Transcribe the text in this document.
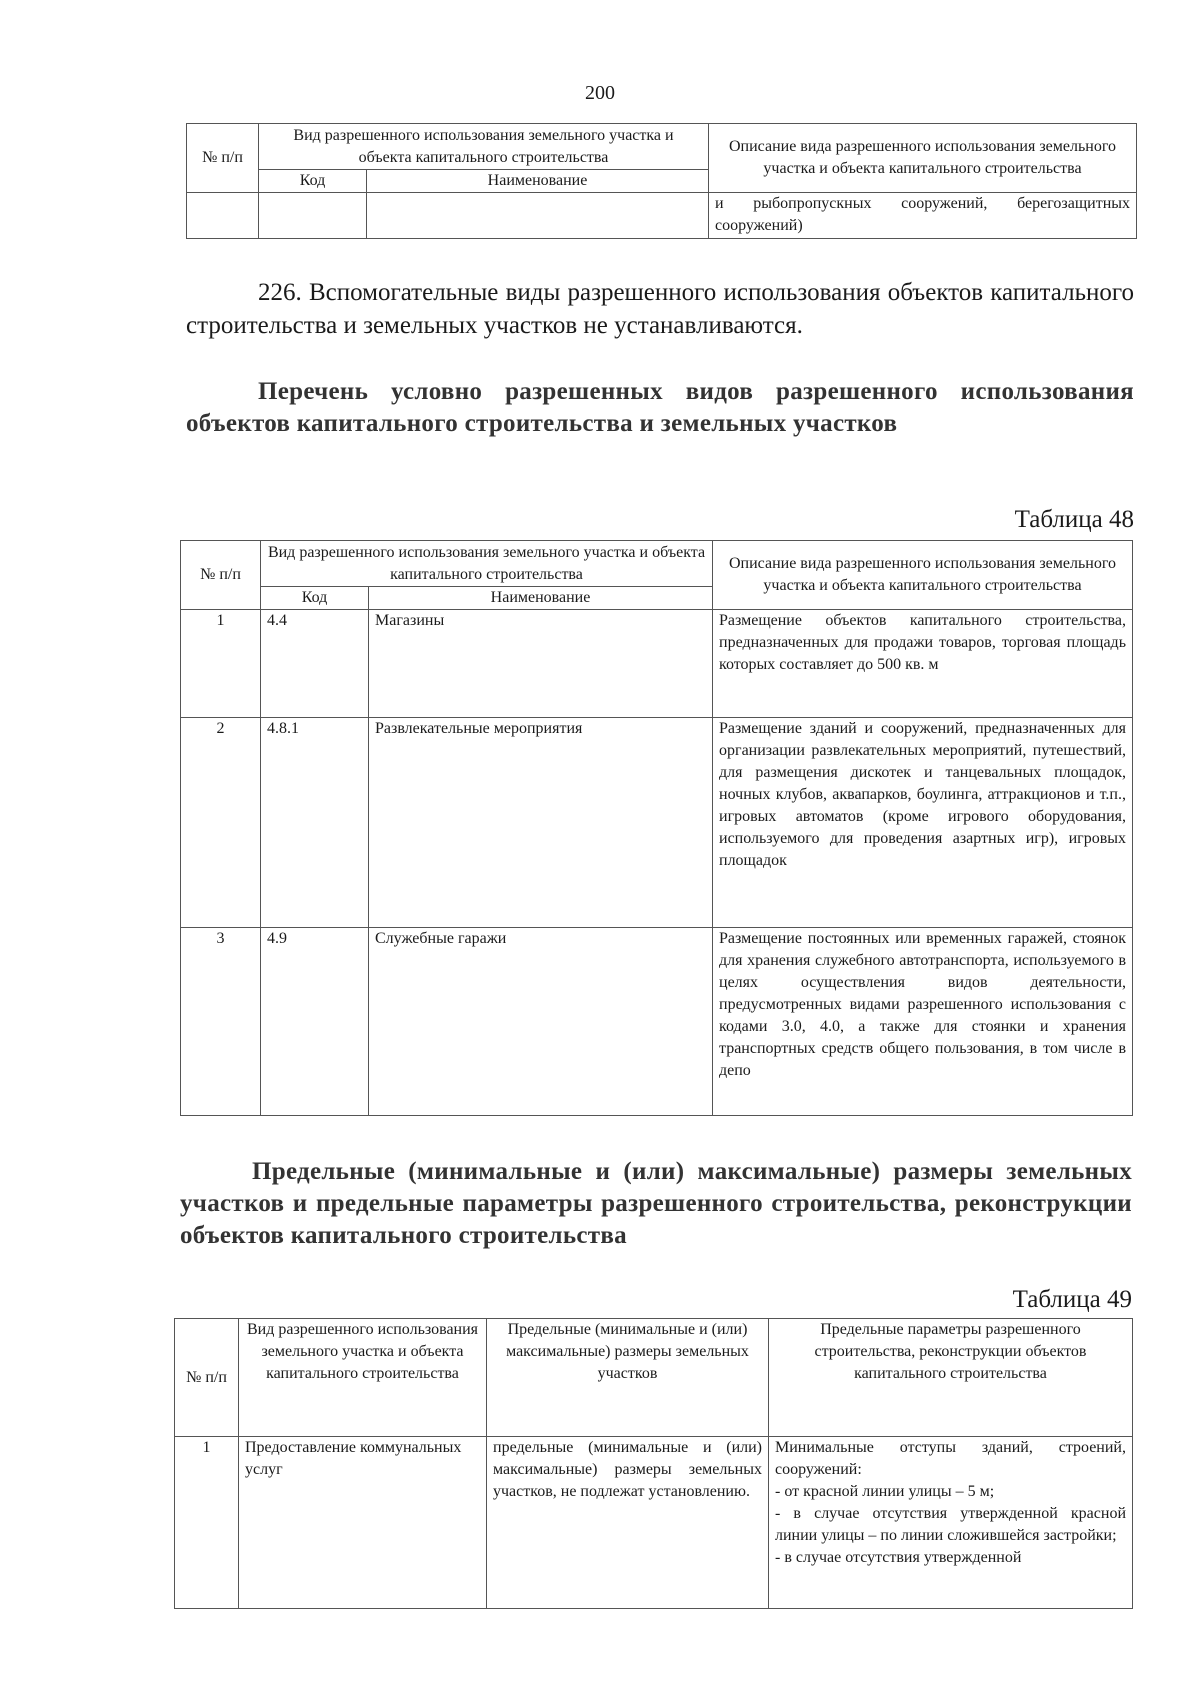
200
№ п/п	Вид разрешенного использования земельного участка и объекта капитального строительства		Описание вида разрешенного использования земельного участка и объекта капитального строительства
	Код	Наименование	
			и рыбопропускных сооружений, берегозащитных сооружений)
226. Вспомогательные виды разрешенного использования объектов капитального строительства и земельных участков не устанавливаются.
Перечень условно разрешенных видов разрешенного использования объектов капитального строительства и земельных участков
Таблица 48
№ п/п	Вид разрешенного использования земельного участка и объекта капитального строительства		Описание вида разрешенного использования земельного участка и объекта капитального строительства
	Код	Наименование	
1	4.4	Магазины	Размещение объектов капитального строительства, предназначенных для продажи товаров, торговая площадь которых составляет до 500 кв. м
2	4.8.1	Развлекательные мероприятия	Размещение зданий и сооружений, предназначенных для организации развлекательных мероприятий, путешествий, для размещения дискотек и танцевальных площадок, ночных клубов, аквапарков, боулинга, аттракционов и т.п., игровых автоматов (кроме игрового оборудования, используемого для проведения азартных игр), игровых площадок
3	4.9	Служебные гаражи	Размещение постоянных или временных гаражей, стоянок для хранения служебного автотранспорта, используемого в целях осуществления видов деятельности, предусмотренных видами разрешенного использования с кодами 3.0, 4.0, а также для стоянки и хранения транспортных средств общего пользования, в том числе в депо
Предельные (минимальные и (или) максимальные) размеры земельных участков и предельные параметры разрешенного строительства, реконструкции объектов капитального строительства
Таблица 49
№ п/п	Вид разрешенного использования земельного участка и объекта капитального строительства	Предельные (минимальные и (или) максимальные) размеры земельных участков	Предельные параметры разрешенного строительства, реконструкции объектов капитального строительства
1	Предоставление коммунальных услуг	предельные (минимальные и (или) максимальные) размеры земельных участков, не подлежат установлению.	Минимальные отступы зданий, строений, сооружений:
- от красной линии улицы – 5 м;
- в случае отсутствия утвержденной красной линии улицы – по линии сложившейся застройки;
- в случае отсутствия утвержденной
